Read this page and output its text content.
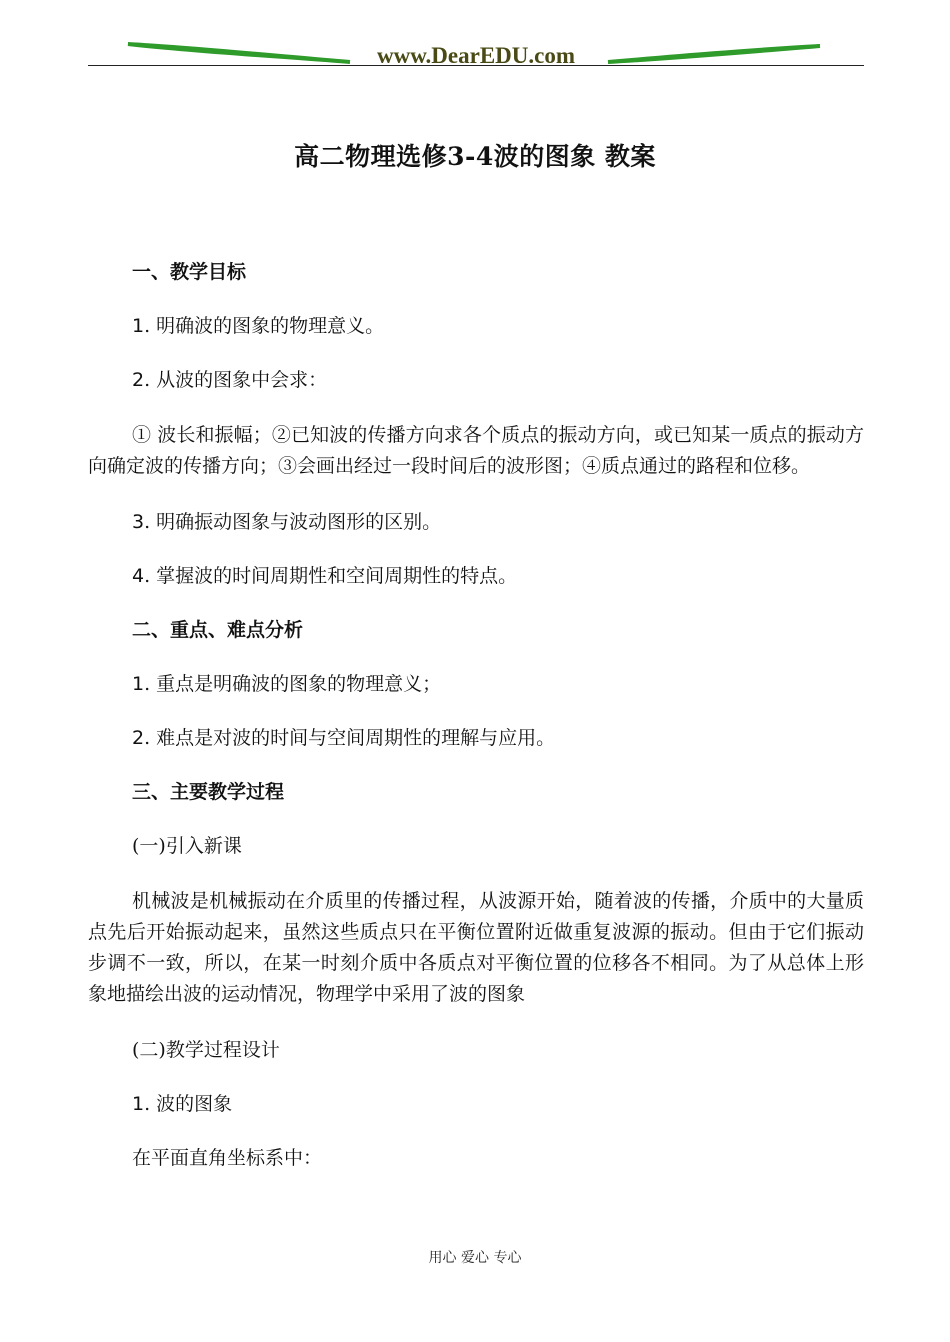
www.DearEDU.com
高二物理选修3-4波的图象 教案
一、教学目标
1. 明确波的图象的物理意义。
2. 从波的图象中会求：
① 波长和振幅；②已知波的传播方向求各个质点的振动方向，或已知某一质点的振动方向确定波的传播方向；③会画出经过一段时间后的波形图；④质点通过的路程和位移。
3. 明确振动图象与波动图形的区别。
4. 掌握波的时间周期性和空间周期性的特点。
二、重点、难点分析
1. 重点是明确波的图象的物理意义；
2. 难点是对波的时间与空间周期性的理解与应用。
三、主要教学过程
(一)引入新课
机械波是机械振动在介质里的传播过程，从波源开始，随着波的传播，介质中的大量质点先后开始振动起来，虽然这些质点只在平衡位置附近做重复波源的振动。但由于它们振动步调不一致，所以，在某一时刻介质中各质点对平衡位置的位移各不相同。为了从总体上形象地描绘出波的运动情况，物理学中采用了波的图象
(二)教学过程设计
1. 波的图象
在平面直角坐标系中：
用心 爱心 专心
